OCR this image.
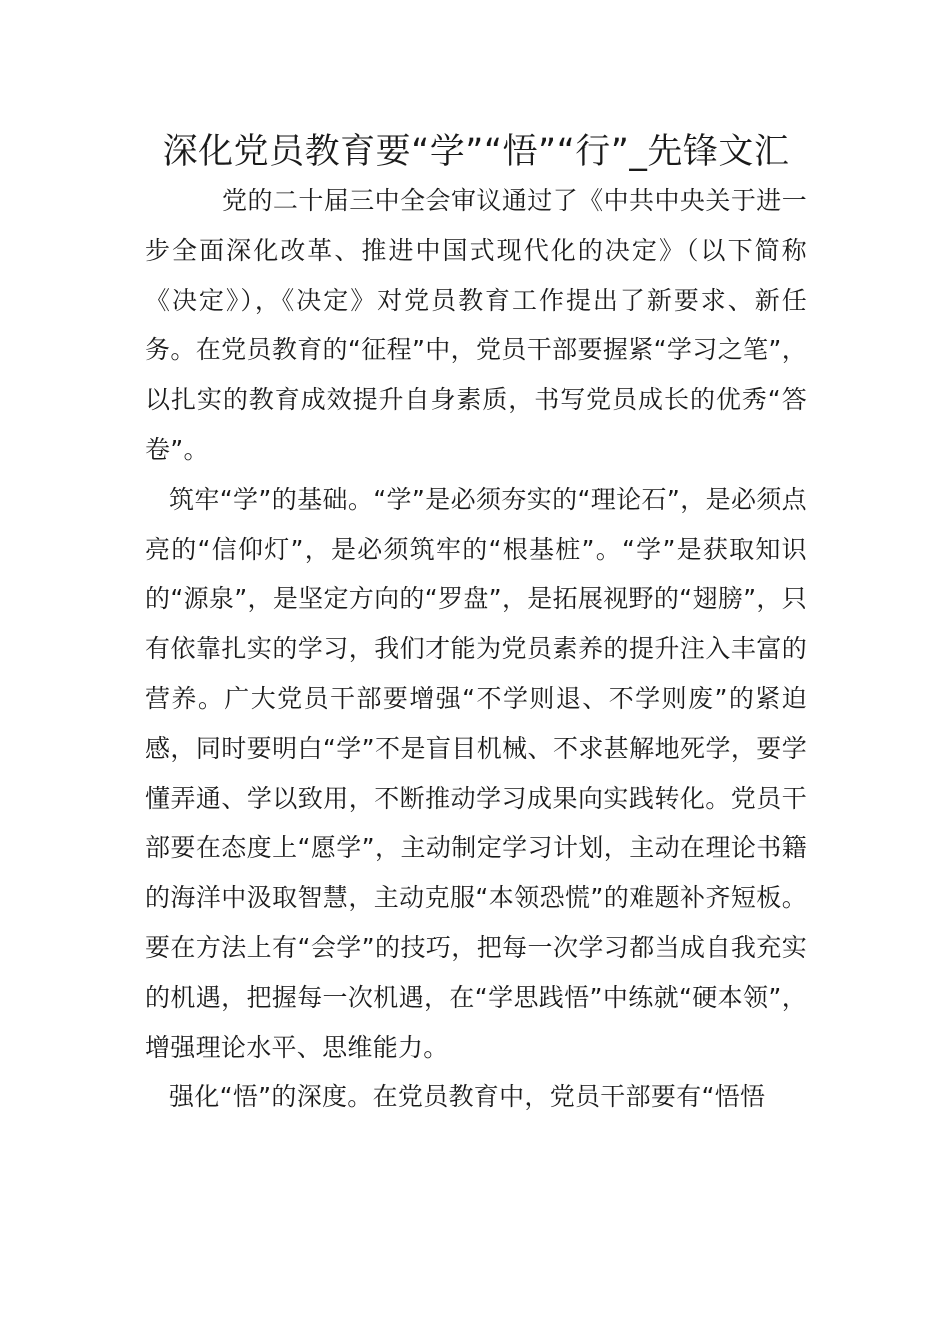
深化党员教育要“学”“悟”“行”_先锋文汇

党的二十届三中全会审议通过了《中共中央关于进一步全面深化改革、推进中国式现代化的决定》（以下简称《决定》），《决定》对党员教育工作提出了新要求、新任务。在党员教育的“征程”中，党员干部要握紧“学习之笔”，以扎实的教育成效提升自身素质，书写党员成长的优秀“答卷”。

筑牢“学”的基础。“学”是必须夯实的“理论石”，是必须点亮的“信仰灯”，是必须筑牢的“根基桩”。“学”是获取知识的“源泉”，是坚定方向的“罗盘”，是拓展视野的“翅膀”，只有依靠扎实的学习，我们才能为党员素养的提升注入丰富的营养。广大党员干部要增强“不学则退、不学则废”的紧迫感，同时要明白“学”不是盲目机械、不求甚解地死学，要学懂弄通、学以致用，不断推动学习成果向实践转化。党员干部要在态度上“愿学”，主动制定学习计划，主动在理论书籍的海洋中汲取智慧，主动克服“本领恐慌”的难题补齐短板。要在方法上有“会学”的技巧，把每一次学习都当成自我充实的机遇，把握每一次机遇，在“学思践悟”中练就“硬本领”，增强理论水平、思维能力。

强化“悟”的深度。在党员教育中，党员干部要有“悟悟
